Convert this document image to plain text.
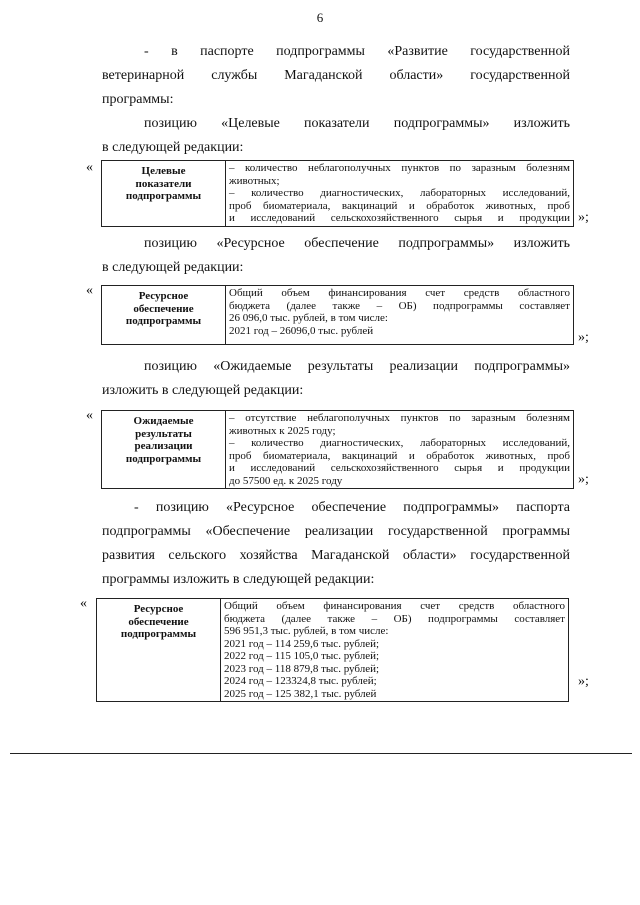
6
- в паспорте подпрограммы «Развитие государственной
ветеринарной службы Магаданской области» государственной
программы:
позицию «Целевые показатели подпрограммы» изложить
в следующей редакции:
«	Целевые
показатели
подпрограммы

– количество неблагополучных пунктов по заразным болезням
животных;
– количество диагностических, лабораторных исследований,
проб биоматериала, вакцинаций и обработок животных, проб
и исследований сельскохозяйственного сырья и продукции »;
позицию «Ресурсное обеспечение подпрограммы» изложить
в следующей редакции:
«	Ресурсное
обеспечение
подпрограммы

Общий объем финансирования счет средств областного
бюджета (далее также – ОБ) подпрограммы составляет
26 096,0 тыс. рублей, в том числе:
2021 год – 26096,0 тыс. рублей	»;
позицию «Ожидаемые результаты реализации подпрограммы»
изложить в следующей редакции:
«	Ожидаемые
результаты
реализации
подпрограммы

– отсутствие неблагополучных пунктов по заразным болезням
животных к 2025 году;
– количество диагностических, лабораторных исследований,
проб биоматериала, вакцинаций и обработок животных, проб
и исследований сельскохозяйственного сырья и продукции
до 57500 ед. к 2025 году	»;
- позицию «Ресурсное обеспечение подпрограммы» паспорта
подпрограммы «Обеспечение реализации государственной программы
развития сельского хозяйства Магаданской области» государственной
программы изложить в следующей редакции:
«	Ресурсное
обеспечение
подпрограммы

Общий объем финансирования счет средств областного
бюджета (далее также – ОБ) подпрограммы составляет
596 951,3 тыс. рублей, в том числе:
2021 год – 114 259,6 тыс. рублей;
2022 год – 115 105,0 тыс. рублей;
2023 год – 118 879,8 тыс. рублей;
2024 год – 123324,8 тыс. рублей;
2025 год – 125 382,1 тыс. рублей
»;
